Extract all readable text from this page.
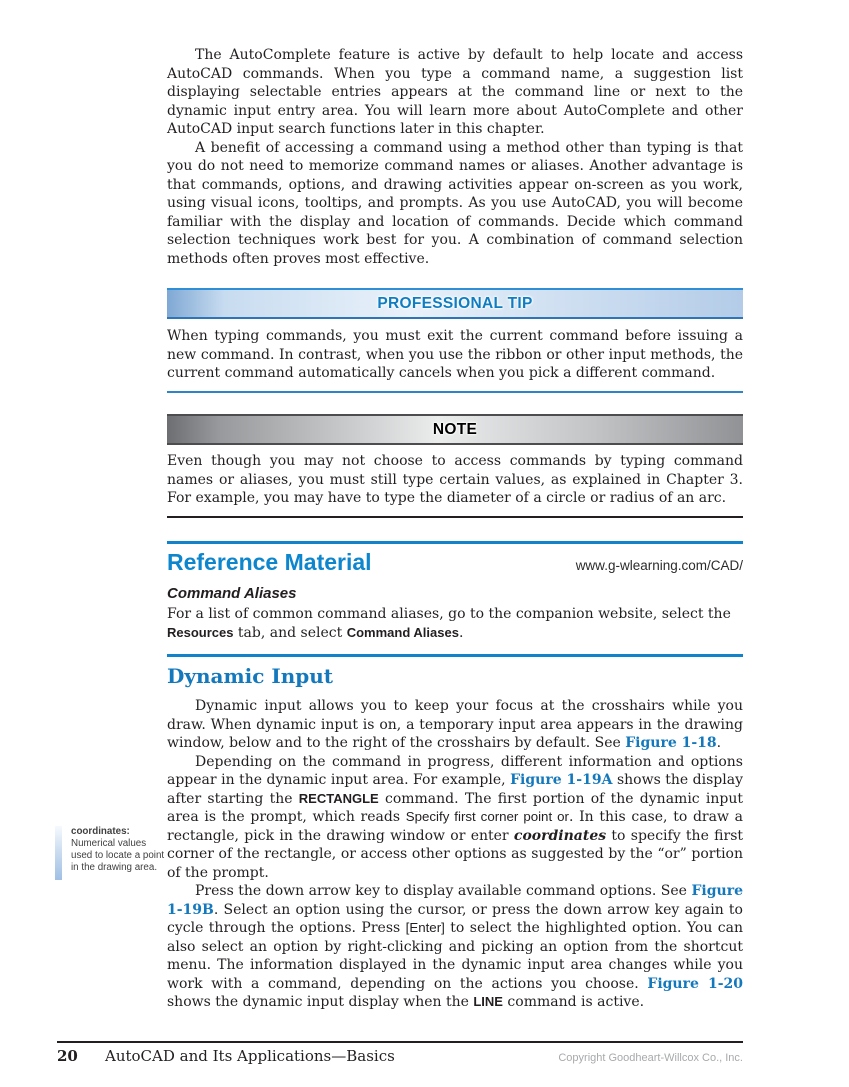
The AutoComplete feature is active by default to help locate and access AutoCAD commands. When you type a command name, a suggestion list displaying selectable entries appears at the command line or next to the dynamic input entry area. You will learn more about AutoComplete and other AutoCAD input search functions later in this chapter.

A benefit of accessing a command using a method other than typing is that you do not need to memorize command names or aliases. Another advantage is that commands, options, and drawing activities appear on-screen as you work, using visual icons, tooltips, and prompts. As you use AutoCAD, you will become familiar with the display and location of commands. Decide which command selection techniques work best for you. A combination of command selection methods often proves most effective.

PROFESSIONAL TIP

When typing commands, you must exit the current command before issuing a new command. In contrast, when you use the ribbon or other input methods, the current command automatically cancels when you pick a different command.

NOTE

Even though you may not choose to access commands by typing command names or aliases, you must still type certain values, as explained in Chapter 3. For example, you may have to type the diameter of a circle or radius of an arc.

Reference Material	www.g-wlearning.com/CAD/
Command Aliases

For a list of common command aliases, go to the companion website, select the Resources tab, and select Command Aliases.

Dynamic Input

Dynamic input allows you to keep your focus at the crosshairs while you draw. When dynamic input is on, a temporary input area appears in the drawing window, below and to the right of the crosshairs by default. See Figure 1-18.

Depending on the command in progress, different information and options appear in the dynamic input area. For example, Figure 1-19A shows the display after starting the RECTANGLE command. The first portion of the dynamic input area is the prompt, which reads Specify first corner point or. In this case, to draw a rectangle, pick in the drawing window or enter coordinates to specify the first corner of the rectangle, or access other options as suggested by the “or” portion of the prompt.

Press the down arrow key to display available command options. See Figure 1-19B. Select an option using the cursor, or press the down arrow key again to cycle through the options. Press [Enter] to select the highlighted option. You can also select an option by right-clicking and picking an option from the shortcut menu. The information displayed in the dynamic input area changes while you work with a command, depending on the actions you choose. Figure 1-20 shows the dynamic input display when the LINE command is active.

coordinates: Numerical values used to locate a point in the drawing area.
20	AutoCAD and Its Applications—Basics	Copyright Goodheart-Willcox Co., Inc.
